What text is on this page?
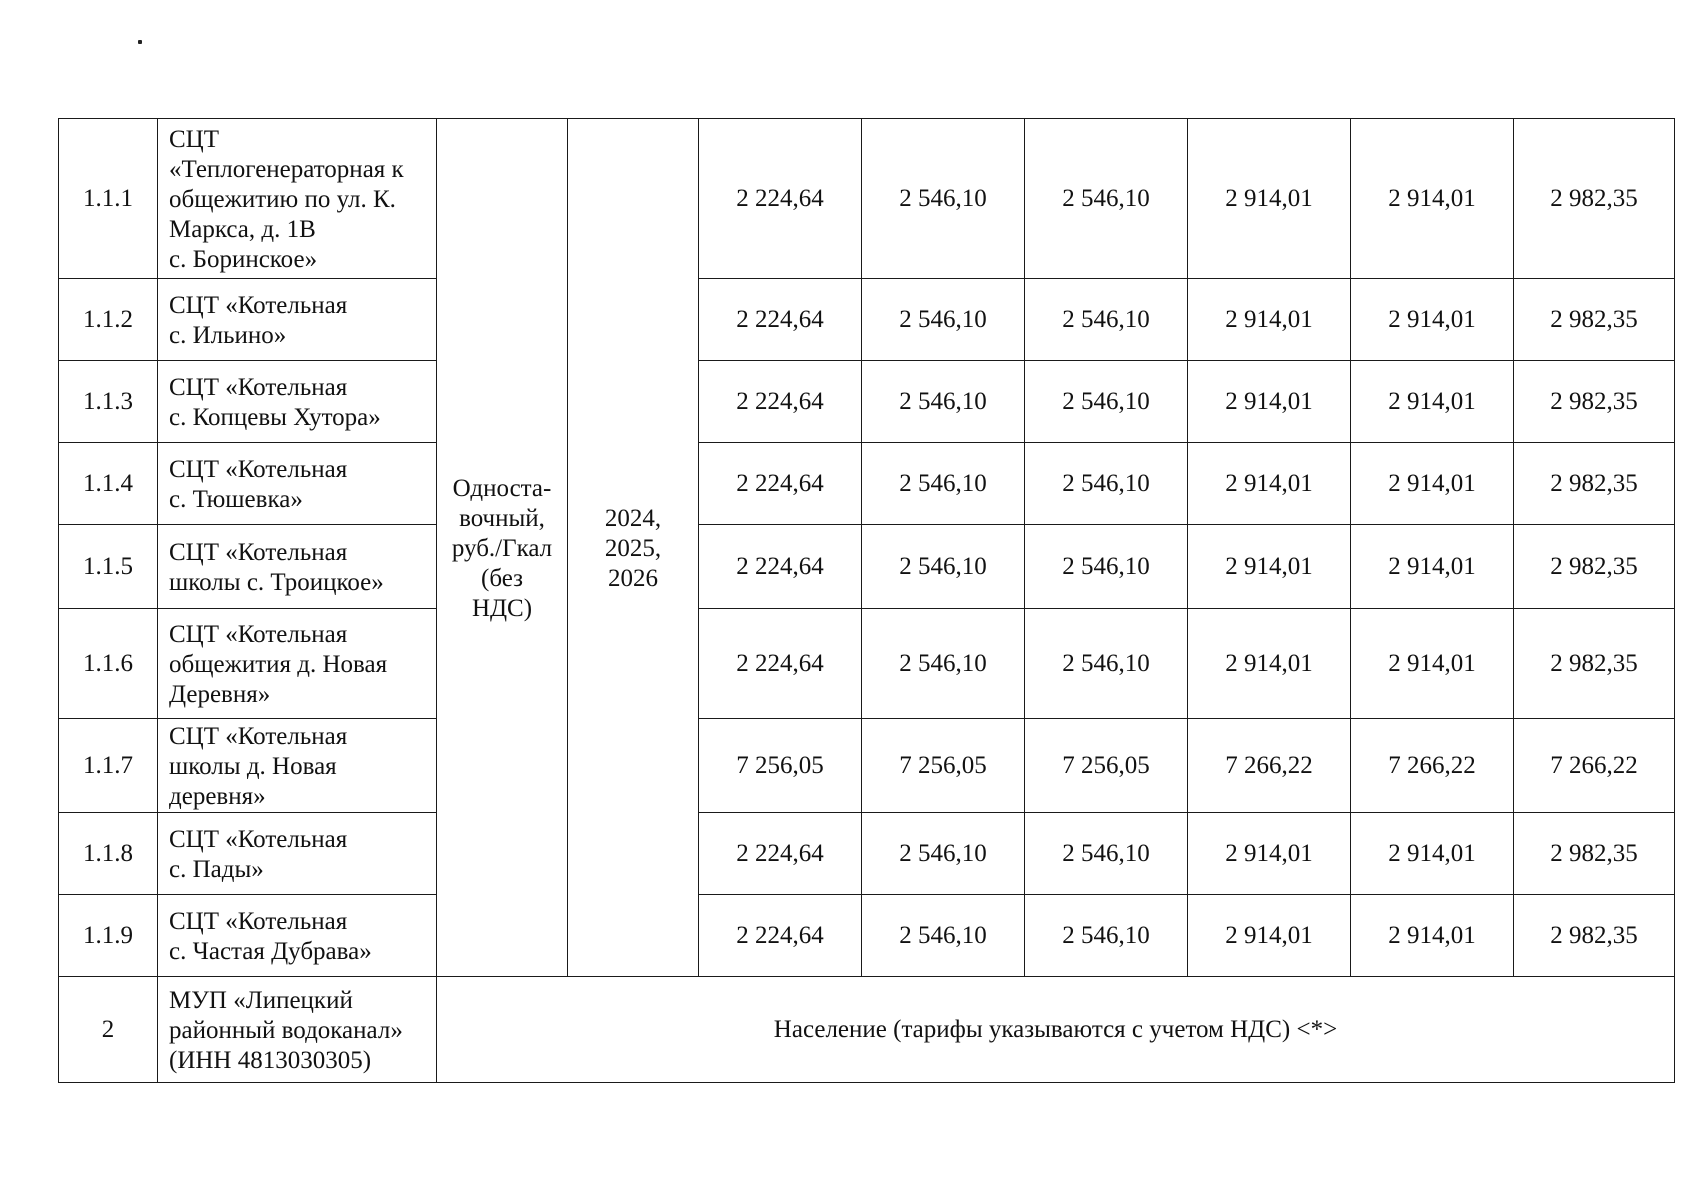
1.1.1	СЦТ
«Теплогенераторная к
общежитию по ул. К.
Маркса, д. 1В
с. Боринское»	Односта-
вочный,
руб./Гкал
(без
НДС)	2024,
2025,
2026	2 224,64	2 546,10	2 546,10	2 914,01	2 914,01	2 982,35
1.1.2	СЦТ «Котельная
с. Ильино»			2 224,64	2 546,10	2 546,10	2 914,01	2 914,01	2 982,35
1.1.3	СЦТ «Котельная
с. Копцевы Хутора»			2 224,64	2 546,10	2 546,10	2 914,01	2 914,01	2 982,35
1.1.4	СЦТ «Котельная
с. Тюшевка»			2 224,64	2 546,10	2 546,10	2 914,01	2 914,01	2 982,35
1.1.5	СЦТ «Котельная
школы с. Троицкое»			2 224,64	2 546,10	2 546,10	2 914,01	2 914,01	2 982,35
1.1.6	СЦТ «Котельная
общежития д. Новая
Деревня»			2 224,64	2 546,10	2 546,10	2 914,01	2 914,01	2 982,35
1.1.7	СЦТ «Котельная
школы д. Новая
деревня»			7 256,05	7 256,05	7 256,05	7 266,22	7 266,22	7 266,22
1.1.8	СЦТ «Котельная
с. Пады»			2 224,64	2 546,10	2 546,10	2 914,01	2 914,01	2 982,35
1.1.9	СЦТ «Котельная
с. Частая Дубрава»			2 224,64	2 546,10	2 546,10	2 914,01	2 914,01	2 982,35
2	МУП «Липецкий
районный водоканал»
(ИНН 4813030305)	Население (тарифы указываются с учетом НДС) <*>							
